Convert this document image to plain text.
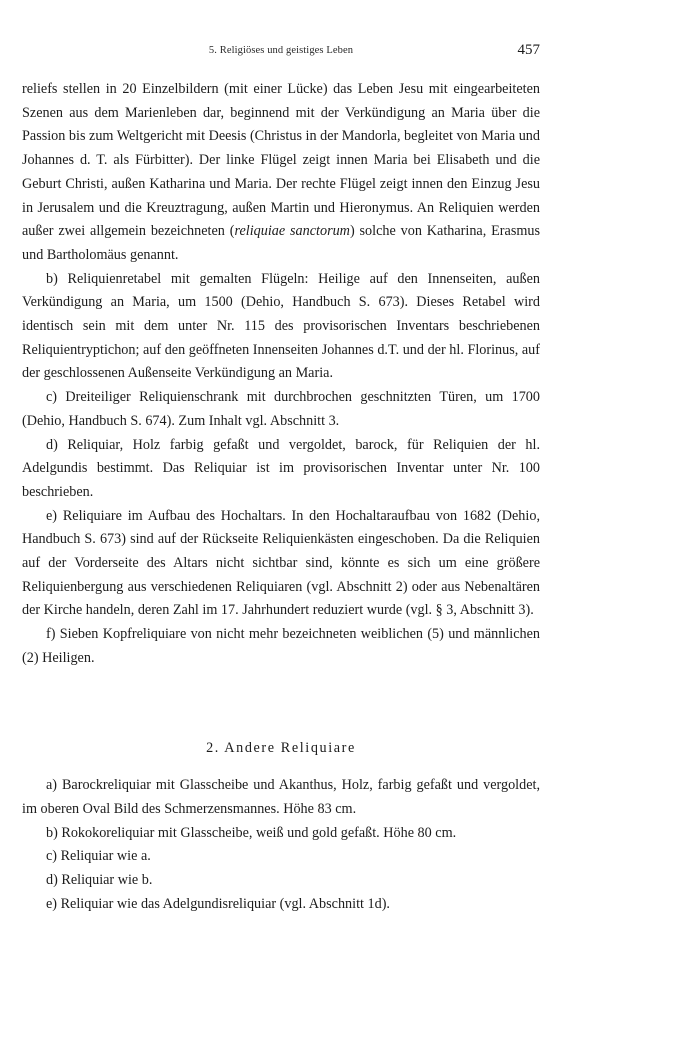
5. Religiöses und geistiges Leben	457

reliefs stellen in 20 Einzelbildern (mit einer Lücke) das Leben Jesu mit eingearbeiteten Szenen aus dem Marienleben dar, beginnend mit der Verkündigung an Maria über die Passion bis zum Weltgericht mit Deesis (Christus in der Mandorla, begleitet von Maria und Johannes d. T. als Fürbitter). Der linke Flügel zeigt innen Maria bei Elisabeth und die Geburt Christi, außen Katharina und Maria. Der rechte Flügel zeigt innen den Einzug Jesu in Jerusalem und die Kreuztragung, außen Martin und Hieronymus. An Reliquien werden außer zwei allgemein bezeichneten (reliquiae sanctorum) solche von Katharina, Erasmus und Bartholomäus genannt.

b) Reliquienretabel mit gemalten Flügeln: Heilige auf den Innenseiten, außen Verkündigung an Maria, um 1500 (Dehio, Handbuch S. 673). Dieses Retabel wird identisch sein mit dem unter Nr. 115 des provisorischen Inventars beschriebenen Reliquientryptichon; auf den geöffneten Innenseiten Johannes d.T. und der hl. Florinus, auf der geschlossenen Außenseite Verkündigung an Maria.

c) Dreiteiliger Reliquienschrank mit durchbrochen geschnitzten Türen, um 1700 (Dehio, Handbuch S. 674). Zum Inhalt vgl. Abschnitt 3.

d) Reliquiar, Holz farbig gefaßt und vergoldet, barock, für Reliquien der hl. Adelgundis bestimmt. Das Reliquiar ist im provisorischen Inventar unter Nr. 100 beschrieben.

e) Reliquiare im Aufbau des Hochaltars. In den Hochaltaraufbau von 1682 (Dehio, Handbuch S. 673) sind auf der Rückseite Reliquienkästen eingeschoben. Da die Reliquien auf der Vorderseite des Altars nicht sichtbar sind, könnte es sich um eine größere Reliquienbergung aus verschiedenen Reliquiaren (vgl. Abschnitt 2) oder aus Nebenaltären der Kirche handeln, deren Zahl im 17. Jahrhundert reduziert wurde (vgl. § 3, Abschnitt 3).

f) Sieben Kopfreliquiare von nicht mehr bezeichneten weiblichen (5) und männlichen (2) Heiligen.

2. Andere Reliquiare

a) Barockreliquiar mit Glasscheibe und Akanthus, Holz, farbig gefaßt und vergoldet, im oberen Oval Bild des Schmerzensmannes. Höhe 83 cm.

b) Rokokoreliquiar mit Glasscheibe, weiß und gold gefaßt. Höhe 80 cm.

c) Reliquiar wie a.

d) Reliquiar wie b.

e) Reliquiar wie das Adelgundisreliquiar (vgl. Abschnitt 1d).
